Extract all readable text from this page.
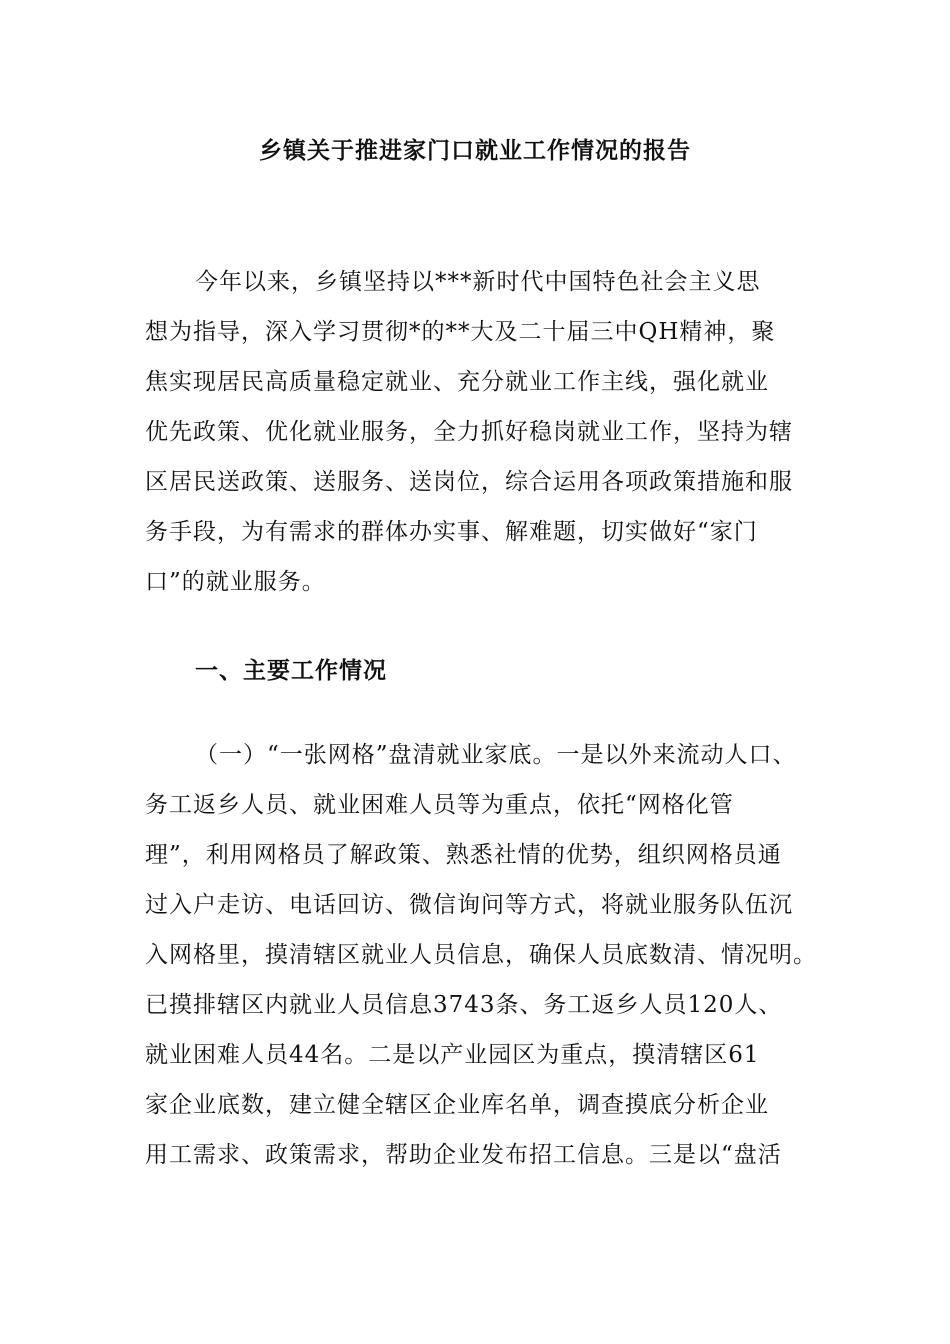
乡镇关于推进家门口就业工作情况的报告
今年以来，乡镇坚持以***新时代中国特色社会主义思
想为指导，深入学习贯彻*的**大及二十届三中QH精神，聚
焦实现居民高质量稳定就业、充分就业工作主线，强化就业
优先政策、优化就业服务，全力抓好稳岗就业工作，坚持为辖
区居民送政策、送服务、送岗位，综合运用各项政策措施和服
务手段，为有需求的群体办实事、解难题，切实做好“家门
口”的就业服务。
一、主要工作情况
（一）“一张网格”盘清就业家底。一是以外来流动人口、
务工返乡人员、就业困难人员等为重点，依托“网格化管
理”，利用网格员了解政策、熟悉社情的优势，组织网格员通
过入户走访、电话回访、微信询问等方式，将就业服务队伍沉
入网格里，摸清辖区就业人员信息，确保人员底数清、情况明。
已摸排辖区内就业人员信息3743条、务工返乡人员120人、
就业困难人员44名。二是以产业园区为重点，摸清辖区61
家企业底数，建立健全辖区企业库名单，调查摸底分析企业
用工需求、政策需求，帮助企业发布招工信息。三是以“盘活
